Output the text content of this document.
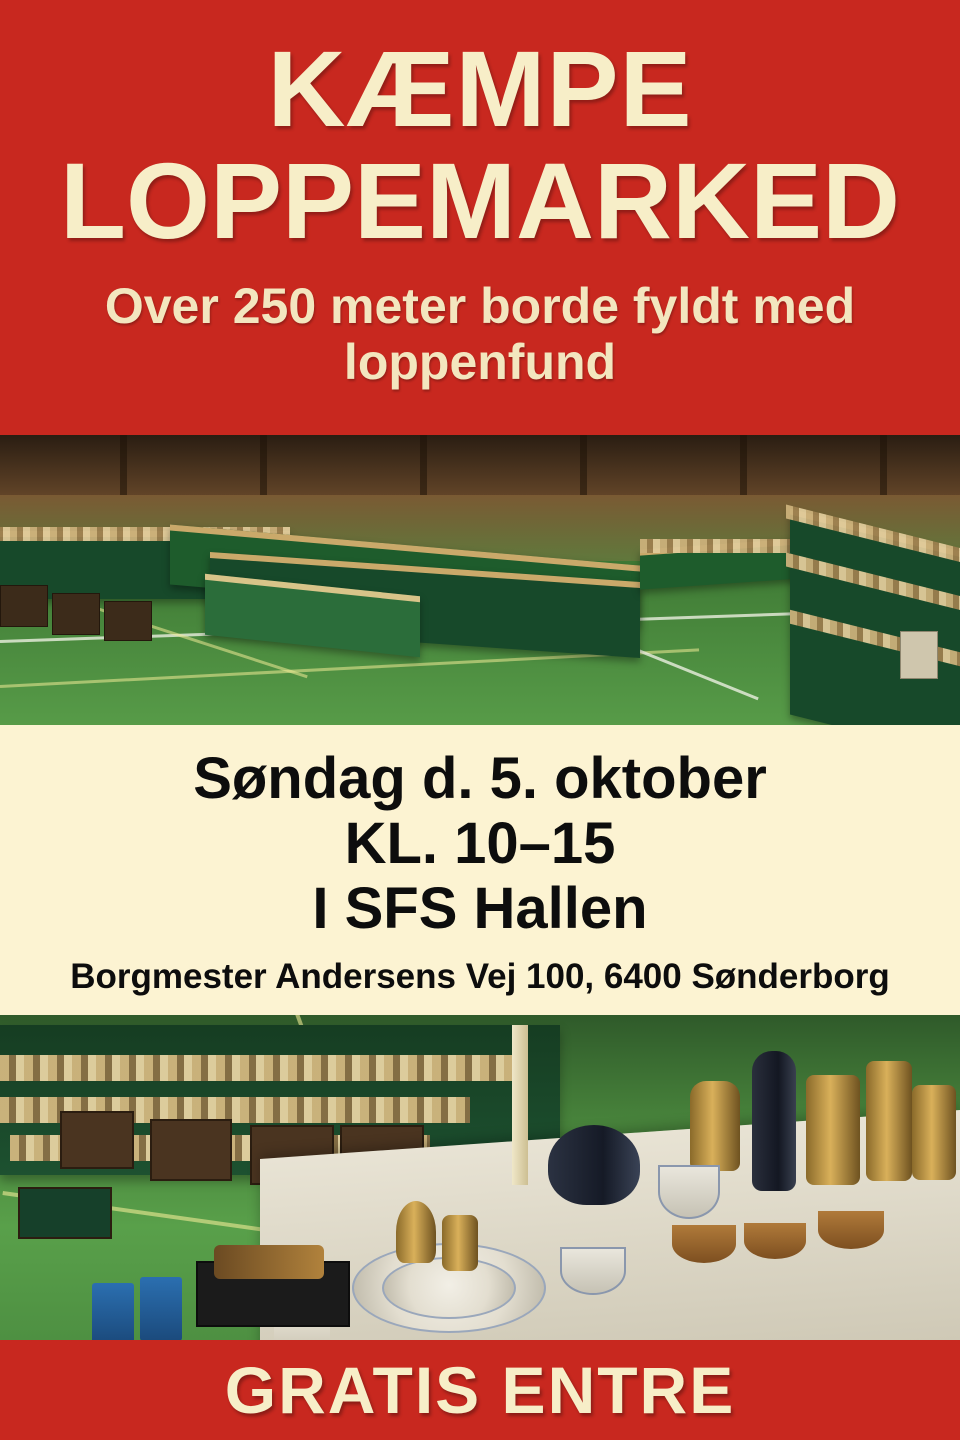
KÆMPE
LOPPEMARKED
Over 250 meter borde fyldt med loppenfund
Søndag d. 5. oktober
KL. 10–15
I SFS Hallen
Borgmester Andersens Vej 100, 6400 Sønderborg
GRATIS ENTRE
